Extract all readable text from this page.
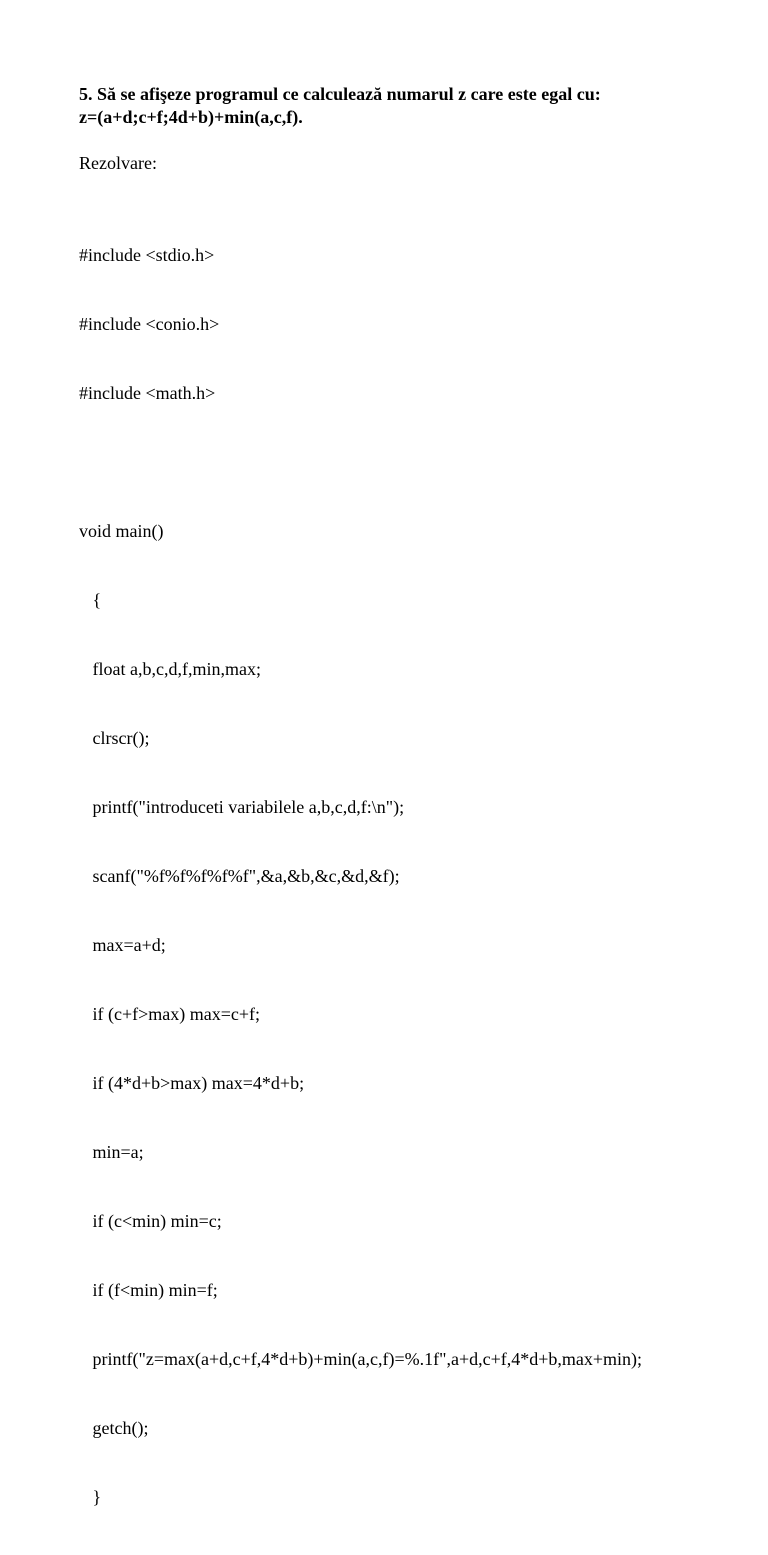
5. Să se afişeze programul ce calculează numarul z care este egal cu:
z=(a+d;c+f;4d+b)+min(a,c,f).
Rezolvare:

#include <stdio.h>

#include <conio.h>

#include <math.h>

void main()

{

float a,b,c,d,f,min,max;

clrscr();

printf("introduceti variabilele a,b,c,d,f:\n");

scanf("%f%f%f%f%f",&a,&b,&c,&d,&f);

max=a+d;

if (c+f>max) max=c+f;

if (4*d+b>max) max=4*d+b;

min=a;

if (c<min) min=c;

if (f<min) min=f;

printf("z=max(a+d,c+f,4*d+b)+min(a,c,f)=%.1f",a+d,c+f,4*d+b,max+min);

getch();

}
